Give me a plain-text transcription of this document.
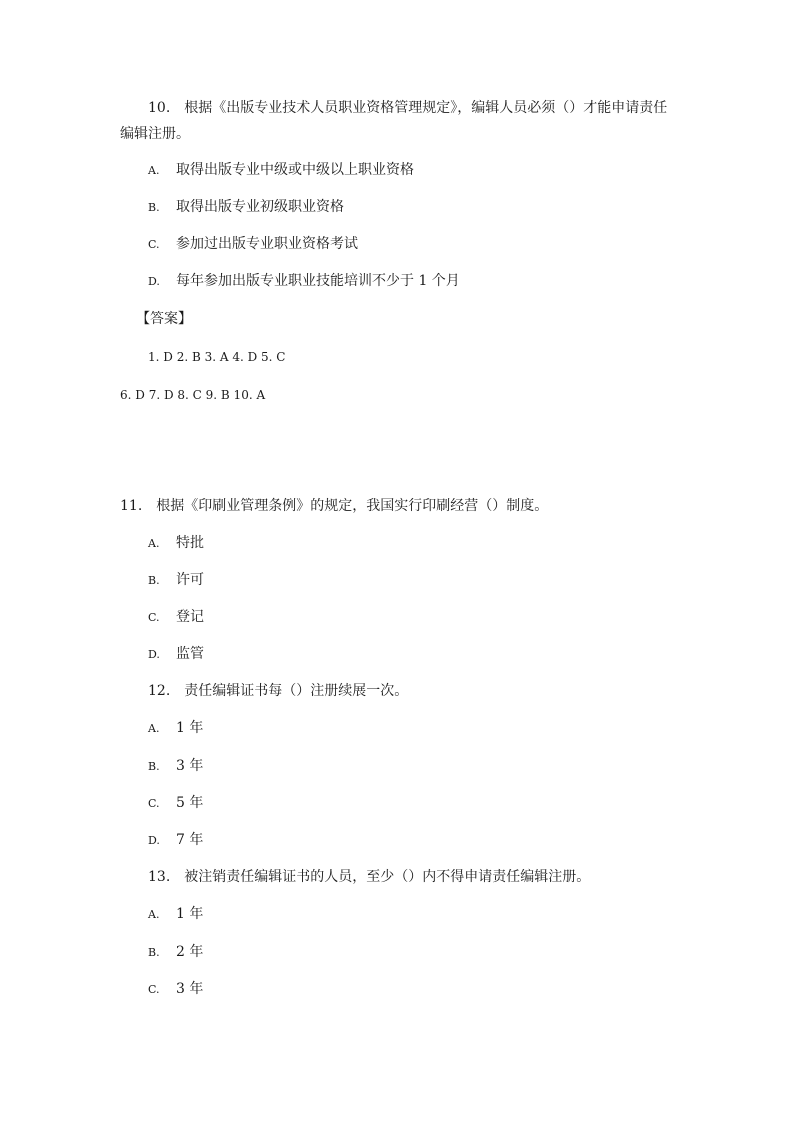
10. 根据《出版专业技术人员职业资格管理规定》，编辑人员必须（）才能申请责任
编辑注册。
A. 取得出版专业中级或中级以上职业资格
B. 取得出版专业初级职业资格
C. 参加过出版专业职业资格考试
D. 每年参加出版专业职业技能培训不少于 1 个月
【答案】
1. D 2. B 3. A 4. D 5. C
6. D 7. D 8. C 9. B 10. A
11. 根据《印刷业管理条例》的规定，我国实行印刷经营（）制度。
A. 特批
B. 许可
C. 登记
D. 监管
12. 责任编辑证书每（）注册续展一次。
A. 1 年
B. 3 年
C. 5 年
D. 7 年
13. 被注销责任编辑证书的人员，至少（）内不得申请责任编辑注册。
A. 1 年
B. 2 年
C. 3 年
